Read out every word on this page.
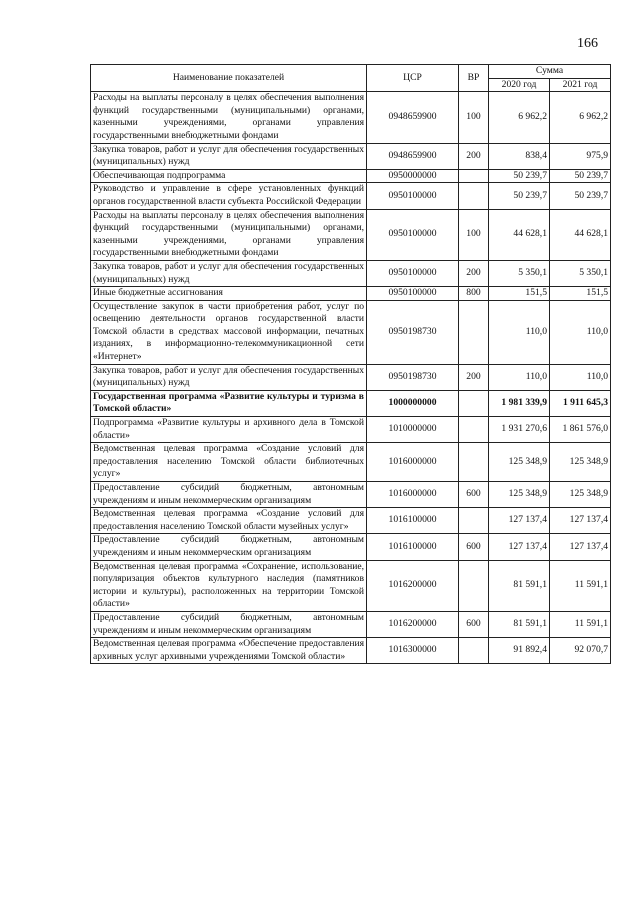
166
Наименование показателей	ЦСР	ВР	Сумма	
			2020 год	2021 год
Расходы на выплаты персоналу в целях обеспечения выполнения функций государственными (муниципальными) органами, казенными учреждениями, органами управления государственными внебюджетными фондами	0948659900	100	6 962,2	6 962,2
Закупка товаров, работ и услуг для обеспечения государственных (муниципальных) нужд	0948659900	200	838,4	975,9
Обеспечивающая подпрограмма	0950000000		50 239,7	50 239,7
Руководство и управление в сфере установленных функций органов государственной власти субъекта Российской Федерации	0950100000		50 239,7	50 239,7
Расходы на выплаты персоналу в целях обеспечения выполнения функций государственными (муниципальными) органами, казенными учреждениями, органами управления государственными внебюджетными фондами	0950100000	100	44 628,1	44 628,1
Закупка товаров, работ и услуг для обеспечения государственных (муниципальных) нужд	0950100000	200	5 350,1	5 350,1
Иные бюджетные ассигнования	0950100000	800	151,5	151,5
Осуществление закупок в части приобретения работ, услуг по освещению деятельности органов государственной власти Томской области в средствах массовой информации, печатных изданиях, в информационно-телекоммуникационной сети «Интернет»	0950198730		110,0	110,0
Закупка товаров, работ и услуг для обеспечения государственных (муниципальных) нужд	0950198730	200	110,0	110,0
Государственная программа «Развитие культуры и туризма в Томской области»	1000000000		1 981 339,9	1 911 645,3
Подпрограмма «Развитие культуры и архивного дела в Томской области»	1010000000		1 931 270,6	1 861 576,0
Ведомственная целевая программа «Создание условий для предоставления населению Томской области библиотечных услуг»	1016000000		125 348,9	125 348,9
Предоставление субсидий бюджетным, автономным учреждениям и иным некоммерческим организациям	1016000000	600	125 348,9	125 348,9
Ведомственная целевая программа «Создание условий для предоставления населению Томской области музейных услуг»	1016100000		127 137,4	127 137,4
Предоставление субсидий бюджетным, автономным учреждениям и иным некоммерческим организациям	1016100000	600	127 137,4	127 137,4
Ведомственная целевая программа «Сохранение, использование, популяризация объектов культурного наследия (памятников истории и культуры), расположенных на территории Томской области»	1016200000		81 591,1	11 591,1
Предоставление субсидий бюджетным, автономным учреждениям и иным некоммерческим организациям	1016200000	600	81 591,1	11 591,1
Ведомственная целевая программа «Обеспечение предоставления архивных услуг архивными учреждениями Томской области»	1016300000		91 892,4	92 070,7
